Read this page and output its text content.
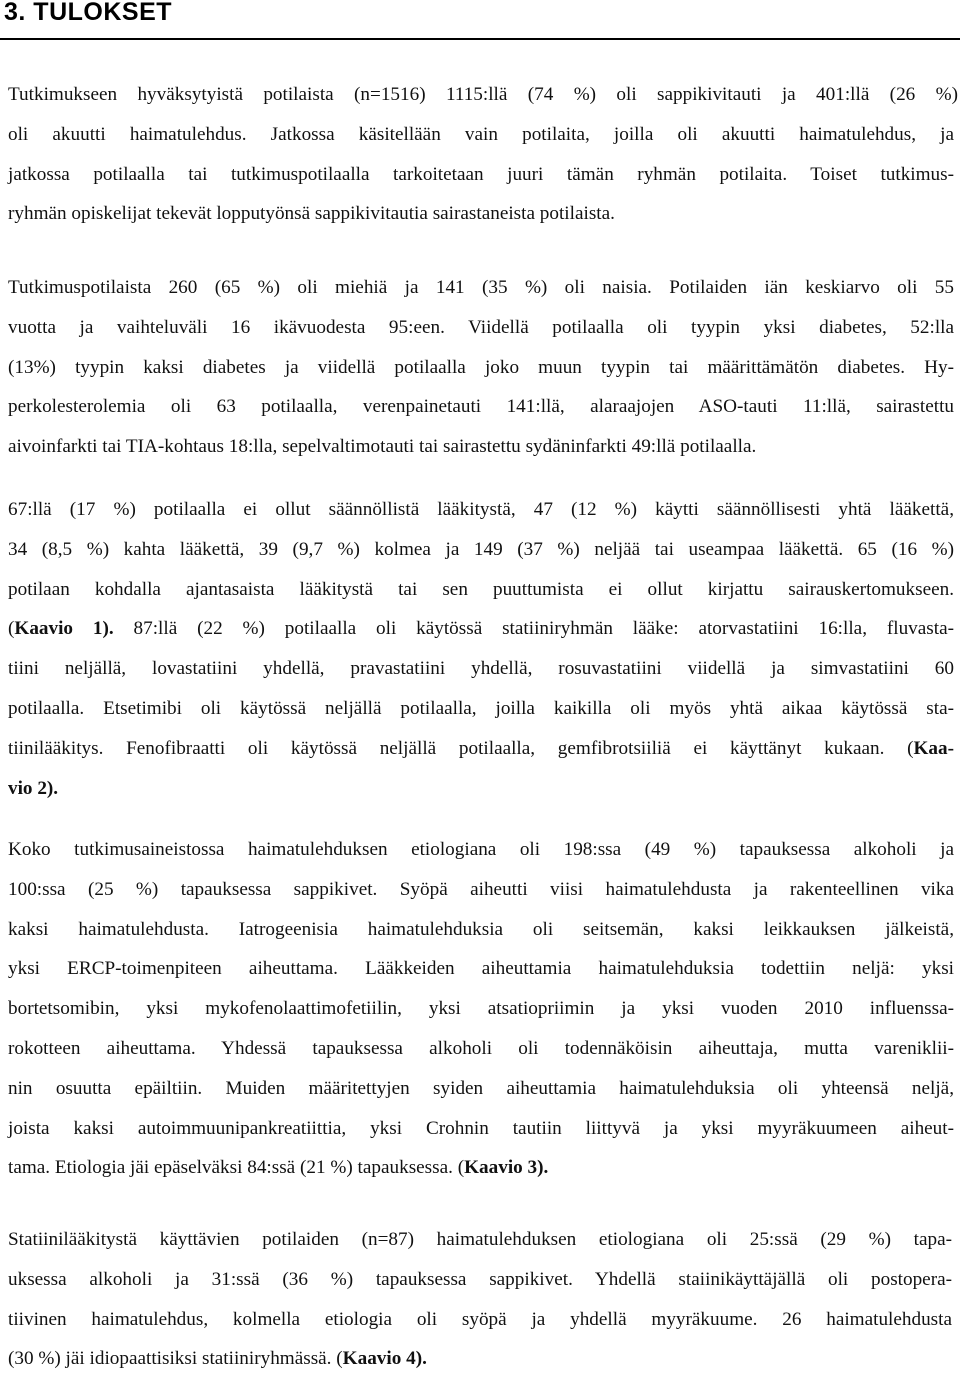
3. TULOKSET

Tutkimukseen hyväksytyistä potilaista (n=1516) 1115:llä (74 %) oli sappikivitauti ja 401:llä (26 %)
oli akuutti haimatulehdus. Jatkossa käsitellään vain potilaita, joilla oli akuutti haimatulehdus, ja
jatkossa potilaalla tai tutkimuspotilaalla tarkoitetaan juuri tämän ryhmän potilaita. Toiset tutkimus-
ryhmän opiskelijat tekevät lopputyönsä sappikivitautia sairastaneista potilaista.

Tutkimuspotilaista 260 (65 %) oli miehiä ja 141 (35 %) oli naisia. Potilaiden iän keskiarvo oli 55
vuotta ja vaihteluväli 16 ikävuodesta 95:een. Viidellä potilaalla oli tyypin yksi diabetes, 52:lla
(13%) tyypin kaksi diabetes ja viidellä potilaalla joko muun tyypin tai määrittämätön diabetes. Hy-
perkolesterolemia oli 63 potilaalla, verenpainetauti 141:llä, alaraajojen ASO-tauti 11:llä, sairastettu
aivoinfarkti tai TIA-kohtaus 18:lla, sepelvaltimotauti tai sairastettu sydäninfarkti 49:llä potilaalla.

67:llä (17 %) potilaalla ei ollut säännöllistä lääkitystä, 47 (12 %) käytti säännöllisesti yhtä lääkettä,
34 (8,5 %) kahta lääkettä, 39 (9,7 %) kolmea ja 149 (37 %) neljää tai useampaa lääkettä. 65 (16 %)
potilaan kohdalla ajantasaista lääkitystä tai sen puuttumista ei ollut kirjattu sairauskertomukseen.
(Kaavio 1). 87:llä (22 %) potilaalla oli käytössä statiiniryhmän lääke: atorvastatiini 16:lla, fluvasta-
tiini neljällä, lovastatiini yhdellä, pravastatiini yhdellä, rosuvastatiini viidellä ja simvastatiini 60
potilaalla. Etsetimibi oli käytössä neljällä potilaalla, joilla kaikilla oli myös yhtä aikaa käytössä sta-
tiinilääkitys. Fenofibraatti oli käytössä neljällä potilaalla, gemfibrotsiiliä ei käyttänyt kukaan. (Kaa-
vio 2).

Koko tutkimusaineistossa haimatulehduksen etiologiana oli 198:ssa (49 %) tapauksessa alkoholi ja
100:ssa (25 %) tapauksessa sappikivet. Syöpä aiheutti viisi haimatulehdusta ja rakenteellinen vika
kaksi haimatulehdusta. Iatrogeenisia haimatulehduksia oli seitsemän, kaksi leikkauksen jälkeistä,
yksi ERCP-toimenpiteen aiheuttama. Lääkkeiden aiheuttamia haimatulehduksia todettiin neljä: yksi
bortetsomibin, yksi mykofenolaattimofetiilin, yksi atsatiopriimin ja yksi vuoden 2010 influenssa-
rokotteen aiheuttama. Yhdessä tapauksessa alkoholi oli todennäköisin aiheuttaja, mutta vareniklii-
nin osuutta epäiltiin. Muiden määritettyjen syiden aiheuttamia haimatulehduksia oli yhteensä neljä,
joista kaksi autoimmuunipankreatiittia, yksi Crohnin tautiin liittyvä ja yksi myyräkuumeen aiheut-
tama. Etiologia jäi epäselväksi 84:ssä (21 %) tapauksessa. (Kaavio 3).

Statiinilääkitystä käyttävien potilaiden (n=87) haimatulehduksen etiologiana oli 25:ssä (29 %) tapa-
uksessa alkoholi ja 31:ssä (36 %) tapauksessa sappikivet. Yhdellä staiinikäyttäjällä oli postopera-
tiivinen haimatulehdus, kolmella etiologia oli syöpä ja yhdellä myyräkuume. 26 haimatulehdusta
(30 %) jäi idiopaattisiksi statiiniryhmässä. (Kaavio 4).
